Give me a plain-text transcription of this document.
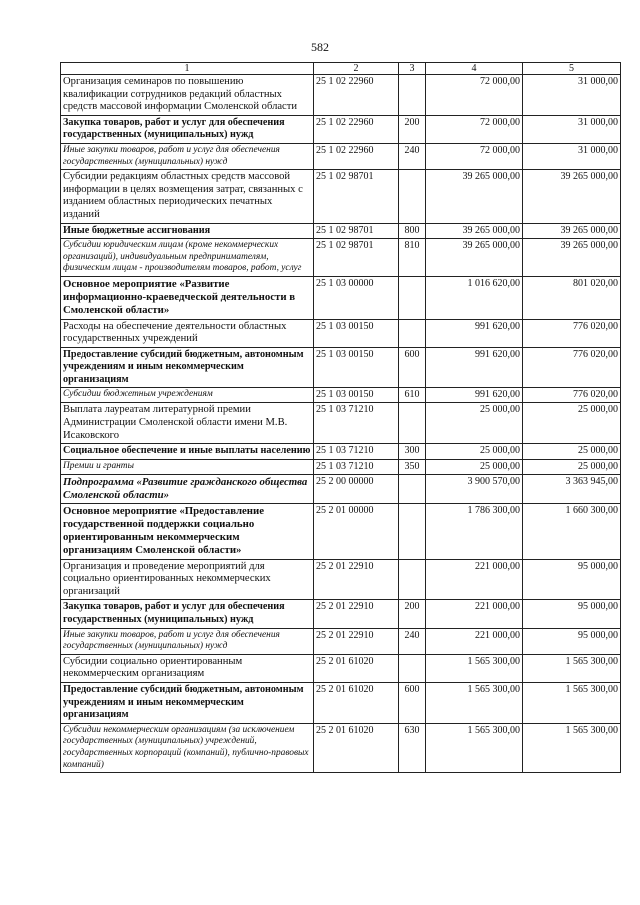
582
1	2	3	4	5
Организация семинаров по повышению квалификации сотрудников редакций областных средств массовой информации Смоленской области	25 1 02 22960		72 000,00	31 000,00
Закупка товаров, работ и услуг для обеспечения государственных (муниципальных) нужд	25 1 02 22960	200	72 000,00	31 000,00
Иные закупки товаров, работ и услуг для обеспечения государственных (муниципальных) нужд	25 1 02 22960	240	72 000,00	31 000,00
Субсидии редакциям областных средств массовой информации в целях возмещения затрат, связанных с изданием областных периодических печатных изданий	25 1 02 98701		39 265 000,00	39 265 000,00
Иные бюджетные ассигнования	25 1 02 98701	800	39 265 000,00	39 265 000,00
Субсидии юридическим лицам (кроме некоммерческих организаций), индивидуальным предпринимателям, физическим лицам - производителям товаров, работ, услуг	25 1 02 98701	810	39 265 000,00	39 265 000,00
Основное мероприятие «Развитие информационно-краеведческой деятельности в Смоленской области»	25 1 03 00000		1 016 620,00	801 020,00
Расходы на обеспечение деятельности областных государственных учреждений	25 1 03 00150		991 620,00	776 020,00
Предоставление субсидий бюджетным, автономным учреждениям и иным некоммерческим организациям	25 1 03 00150	600	991 620,00	776 020,00
Субсидии бюджетным учреждениям	25 1 03 00150	610	991 620,00	776 020,00
Выплата лауреатам литературной премии Администрации Смоленской области имени М.В. Исаковского	25 1 03 71210		25 000,00	25 000,00
Социальное обеспечение и иные выплаты населению	25 1 03 71210	300	25 000,00	25 000,00
Премии и гранты	25 1 03 71210	350	25 000,00	25 000,00
Подпрограмма «Развитие гражданского общества Смоленской области»	25 2 00 00000		3 900 570,00	3 363 945,00
Основное мероприятие «Предоставление государственной поддержки социально ориентированным некоммерческим организациям Смоленской области»	25 2 01 00000		1 786 300,00	1 660 300,00
Организация и проведение мероприятий для социально ориентированных некоммерческих организаций	25 2 01 22910		221 000,00	95 000,00
Закупка товаров, работ и услуг для обеспечения государственных (муниципальных) нужд	25 2 01 22910	200	221 000,00	95 000,00
Иные закупки товаров, работ и услуг для обеспечения государственных (муниципальных) нужд	25 2 01 22910	240	221 000,00	95 000,00
Субсидии социально ориентированным некоммерческим организациям	25 2 01 61020		1 565 300,00	1 565 300,00
Предоставление субсидий бюджетным, автономным учреждениям и иным некоммерческим организациям	25 2 01 61020	600	1 565 300,00	1 565 300,00
Субсидии некоммерческим организациям (за исключением государственных (муниципальных) учреждений, государственных корпораций (компаний), публично-правовых компаний)	25 2 01 61020	630	1 565 300,00	1 565 300,00
